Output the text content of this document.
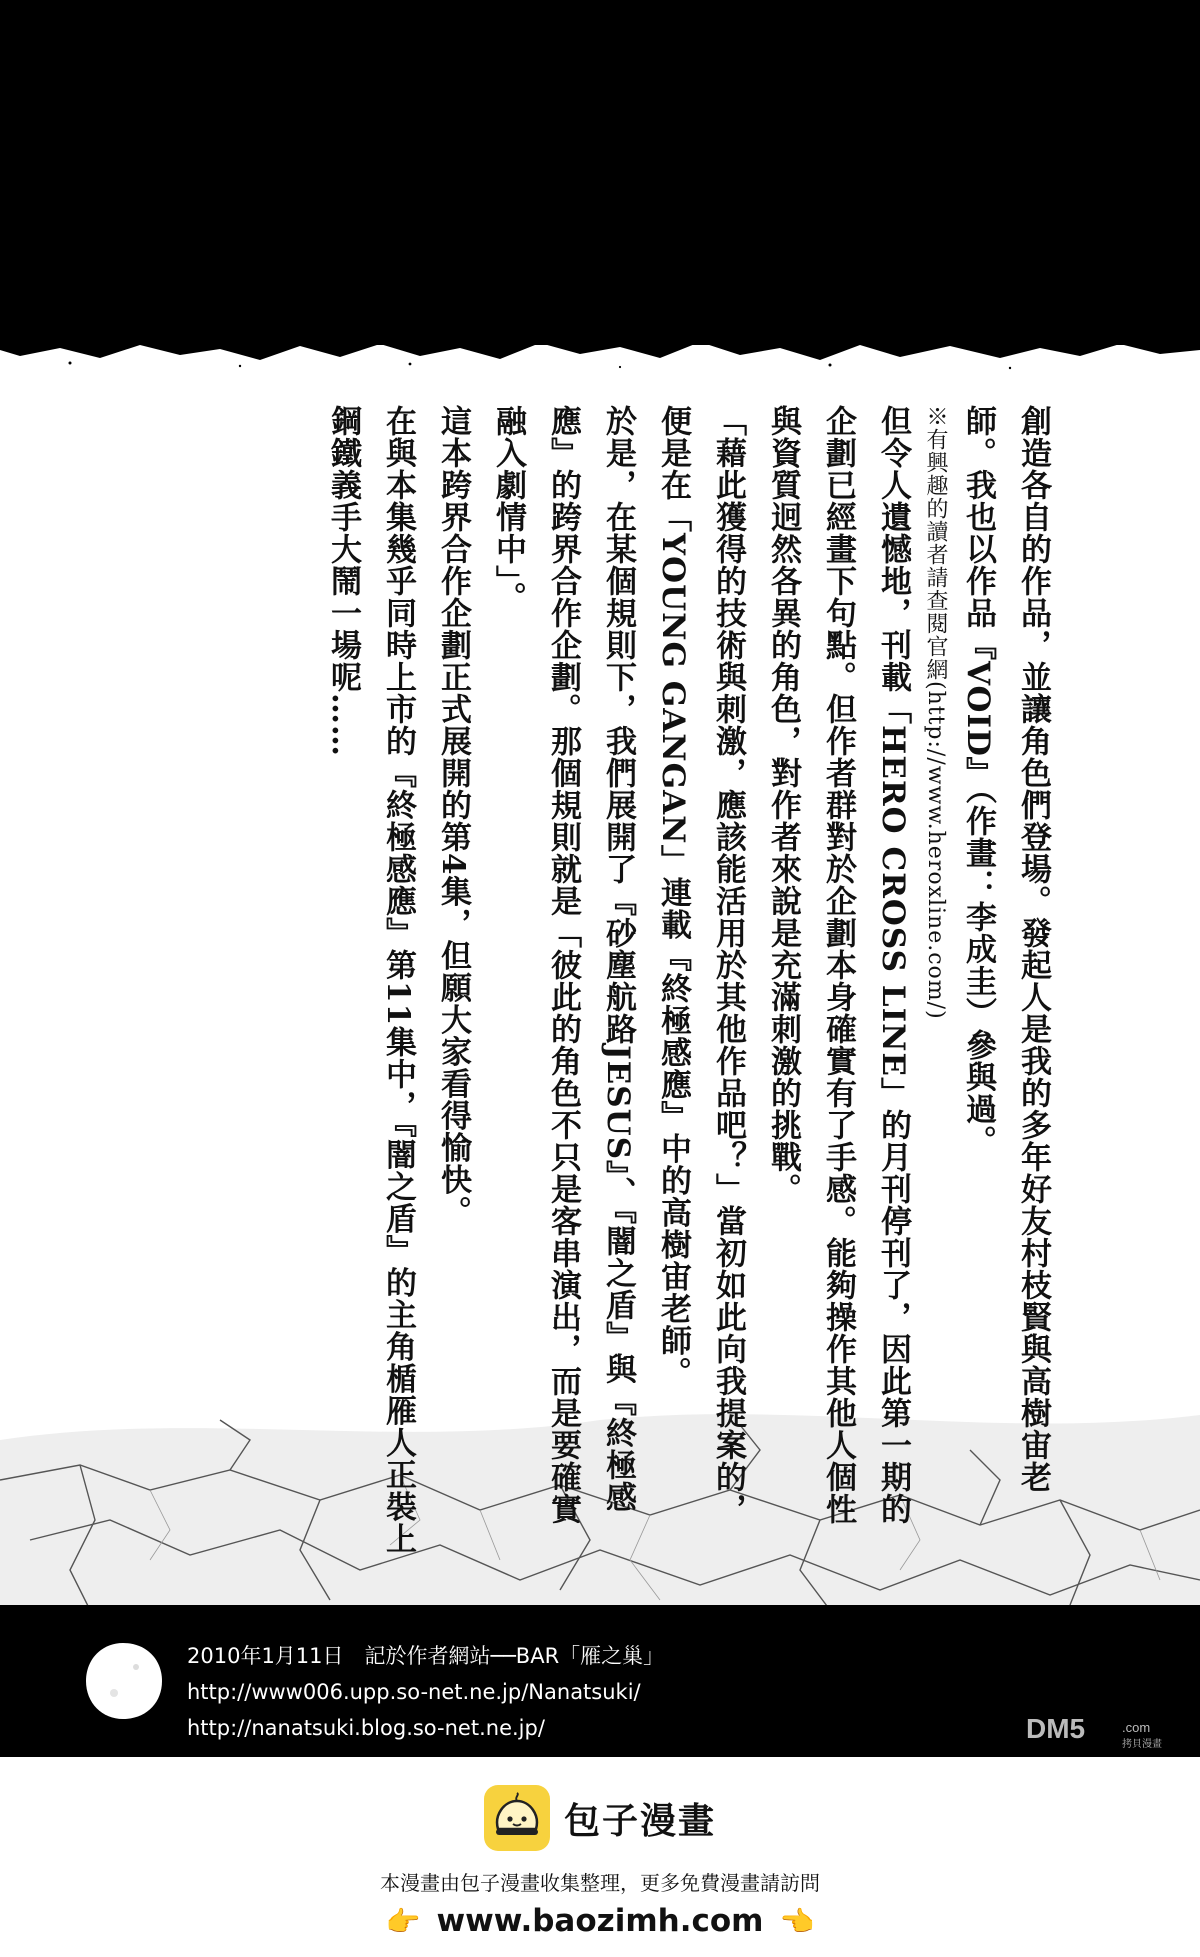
創造各自的作品，並讓角色們登場。發起人是我的多年好友村枝賢與高樹宙老師。我也以作品『VOID』（作畫：李成圭）參與過。

※有興趣的讀者請查閱官網(http://www.heroxline.com/)

但令人遺憾地，刊載「HERO CROSS LINE」的月刊停刊了，因此第一期的企劃已經畫下句點。但作者群對於企劃本身確實有了手感。能夠操作其他人個性與資質迥然各異的角色，對作者來說是充滿刺激的挑戰。

「藉此獲得的技術與刺激，應該能活用於其他作品吧？」當初如此向我提案的，便是在「YOUNG GANGAN」連載『終極感應』中的高樹宙老師。

於是，在某個規則下，我們展開了『砂塵航路JESUS』、『闇之盾』與『終極感應』的跨界合作企劃。那個規則就是「彼此的角色不只是客串演出，而是要確實融入劇情中」。

這本跨界合作企劃正式展開的第4集，但願大家看得愉快。

在與本集幾乎同時上市的『終極感應』第11集中，『闇之盾』的主角楯雁人正裝上鋼鐵義手大鬧一場呢……

2010年1月11日　記於作者網站──BAR「雁之巢」
http://www006.upp.so-net.ne.jp/Nanatsuki/
http://nanatsuki.blog.so-net.ne.jp/	DM5	.com
拷貝漫畫
包子漫畫
本漫畫由包子漫畫收集整理，更多免費漫畫請訪問
👉 www.baozimh.com 👈
